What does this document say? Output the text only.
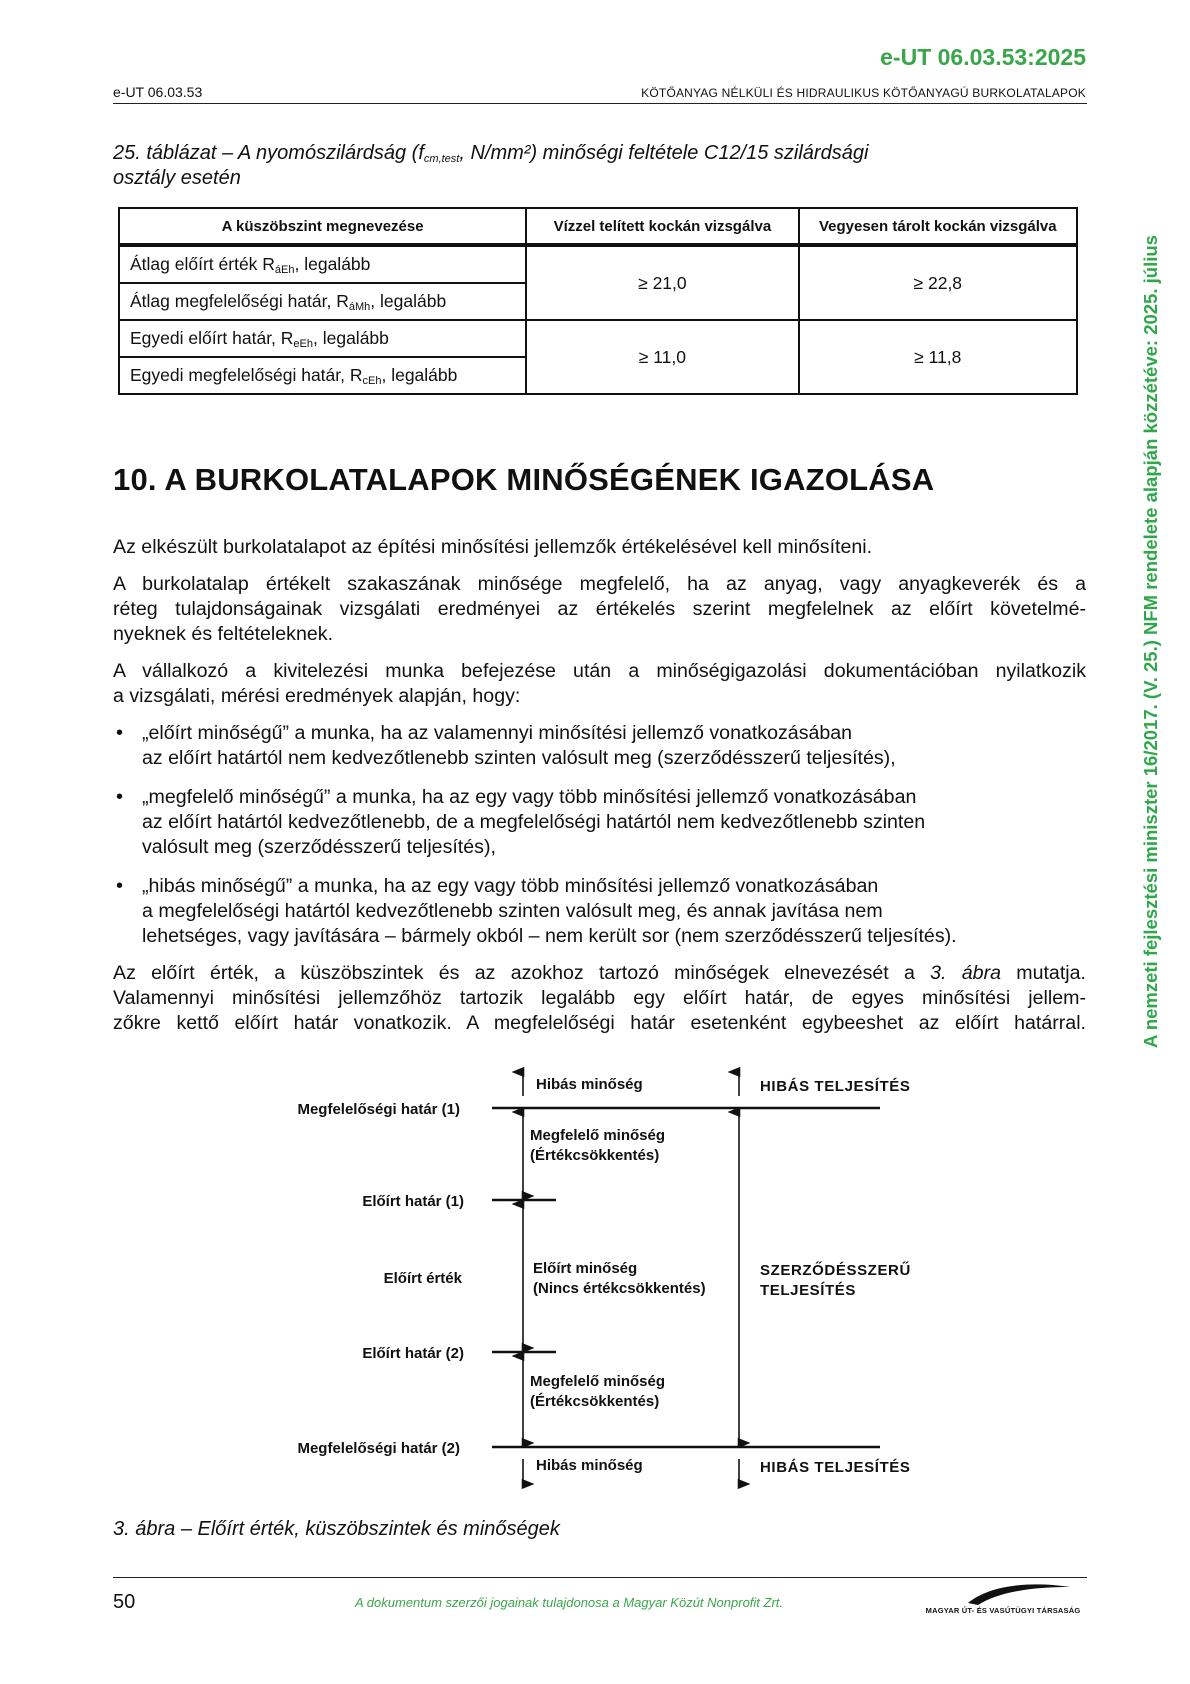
e-UT 06.03.53:2025
e-UT 06.03.53	KÖTŐANYAG NÉLKÜLI ÉS HIDRAULIKUS KÖTŐANYAGÚ BURKOLATALAPOK
25. táblázat – A nyomószilárdság ($f_{cm,test}$, N/mm²) minőségi feltétele C12/15 szilárdsági
osztály esetén
A küszöbszint megnevezése	Vízzel telített kockán vizsgálva	Vegyesen tárolt kockán vizsgálva
Átlag előírt érték $R_{áEh}$, legalább	≥ 21,0	≥ 22,8
Átlag megfelelőségi határ, $R_{áMh}$, legalább		
Egyedi előírt határ, $R_{eEh}$, legalább	≥ 11,0	≥ 11,8
Egyedi megfelelőségi határ, $R_{cEh}$, legalább		
10. A BURKOLATALAPOK MINŐSÉGÉNEK IGAZOLÁSA
Az elkészült burkolatalapot az építési minősítési jellemzők értékelésével kell minősíteni.
A burkolatalap értékelt szakaszának minősége megfelelő, ha az anyag, vagy anyagkeverék és a
réteg tulajdonságainak vizsgálati eredményei az értékelés szerint megfelelnek az előírt követelmé-
nyeknek és feltételeknek.
A vállalkozó a kivitelezési munka befejezése után a minőségigazolási dokumentációban nyilatkozik
a vizsgálati, mérési eredmények alapján, hogy:
• „előírt minőségű” a munka, ha az valamennyi minősítési jellemző vonatkozásában
az előírt határtól nem kedvezőtlenebb szinten valósult meg (szerződésszerű teljesítés),
• „megfelelő minőségű” a munka, ha az egy vagy több minősítési jellemző vonatkozásában
az előírt határtól kedvezőtlenebb, de a megfelelőségi határtól nem kedvezőtlenebb szinten
valósult meg (szerződésszerű teljesítés),
• „hibás minőségű” a munka, ha az egy vagy több minősítési jellemző vonatkozásában
a megfelelőségi határtól kedvezőtlenebb szinten valósult meg, és annak javítása nem
lehetséges, vagy javítására – bármely okból – nem került sor (nem szerződésszerű teljesítés).
Az előírt érték, a küszöbszintek és az azokhoz tartozó minőségek elnevezését a 3. ábra mutatja.
Valamennyi minősítési jellemzőhöz tartozik legalább egy előírt határ, de egyes minősítési jellem-
zőkre kettő előírt határ vonatkozik. A megfelelőségi határ esetenként egybeeshet az előírt határral.
Megfelelőségi határ (1)
Előírt határ (1)
Előírt érték
Előírt határ (2)
Megfelelőségi határ (2)
Hibás minőség
Megfelelő minőség
(Értékcsökkentés)
Előírt minőség
(Nincs értékcsökkentés)
Megfelelő minőség
(Értékcsökkentés)
Hibás minőség
HIBÁS TELJESÍTÉS
SZERZŐDÉSSZERŰ
TELJESÍTÉS
HIBÁS TELJESÍTÉS
3. ábra – Előírt érték, küszöbszintek és minőségek
50	A dokumentum szerzői jogainak tulajdonosa a Magyar Közút Nonprofit Zrt.
MAGYAR ÚT- ÉS VASÚTÜGYI TÁRSASÁG
A nemzeti fejlesztési miniszter 16/2017. (V. 25.) NFM rendelete alapján közzétéve: 2025. július
